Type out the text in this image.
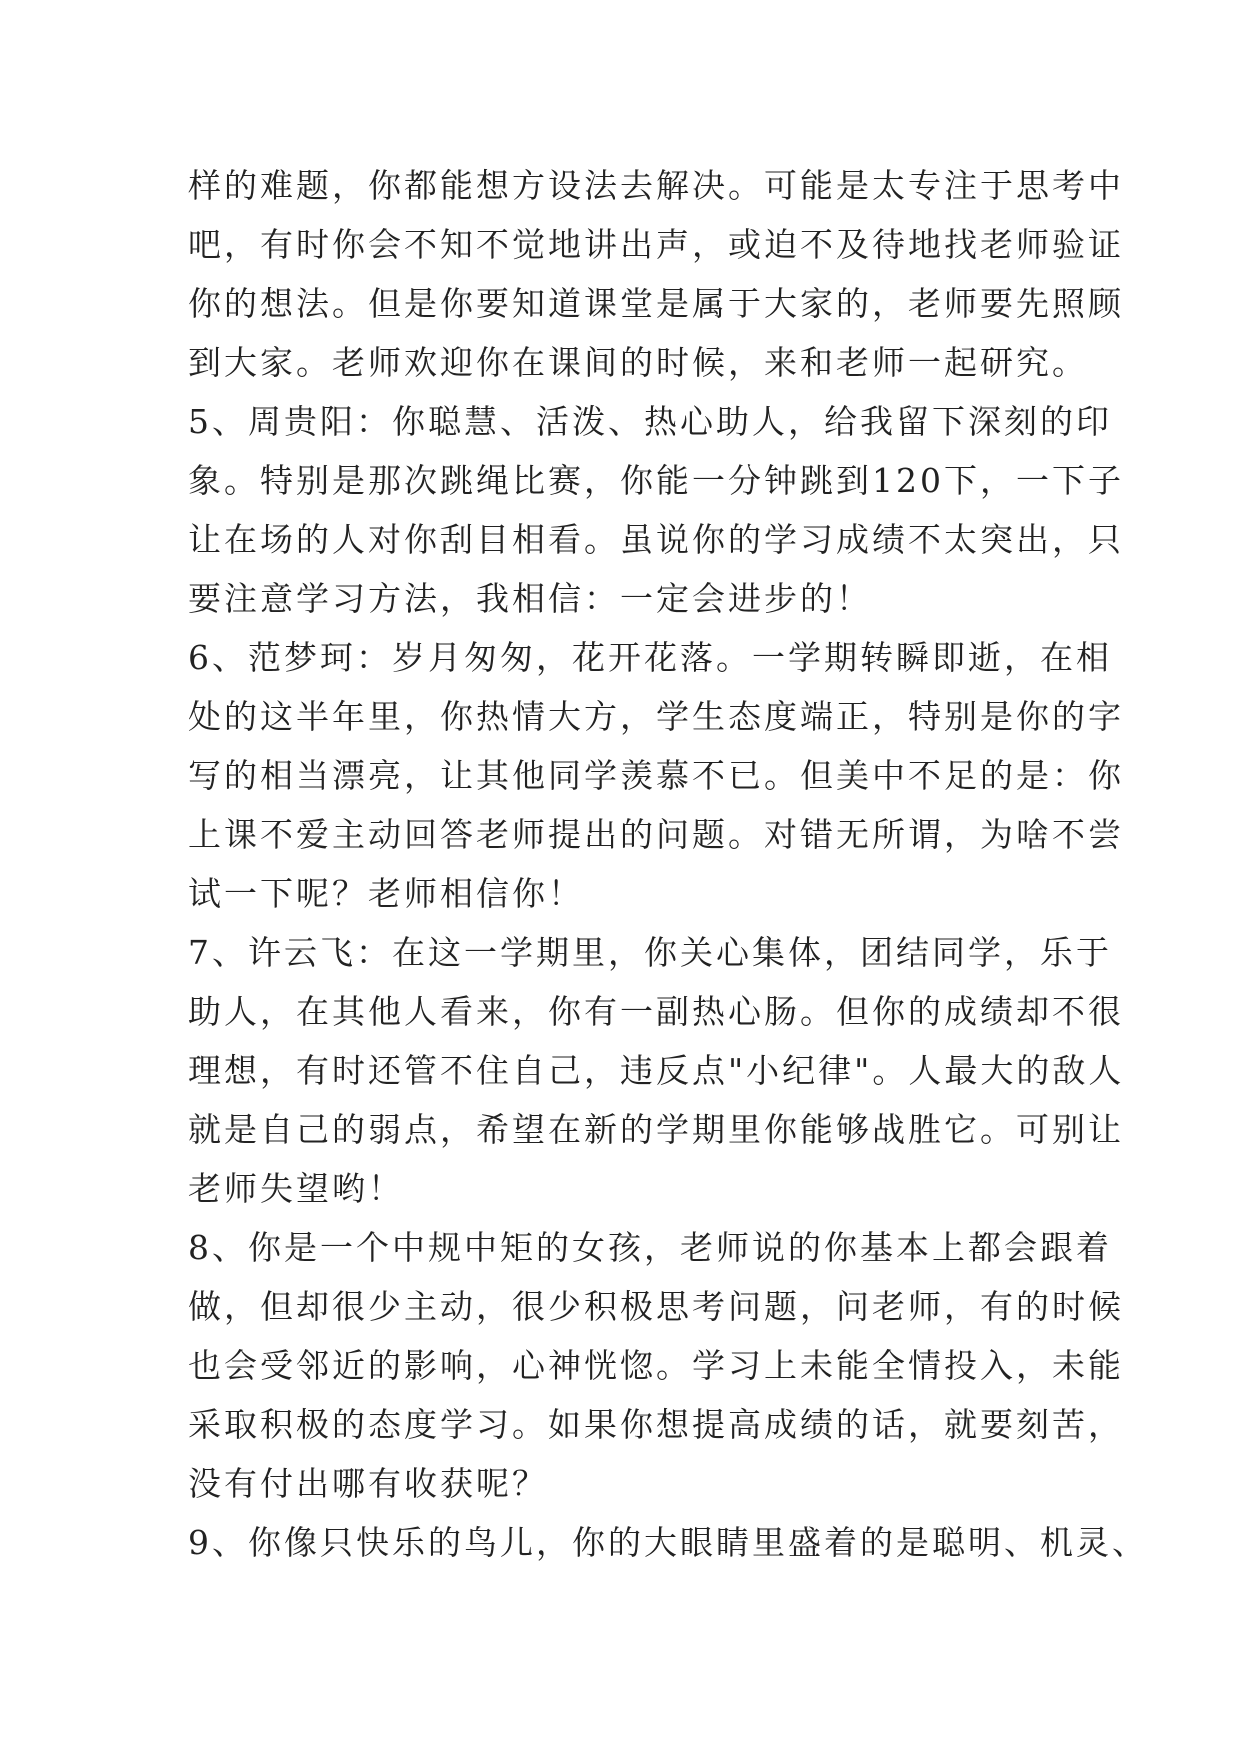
样的难题，你都能想方设法去解决。可能是太专注于思考中
吧，有时你会不知不觉地讲出声，或迫不及待地找老师验证
你的想法。但是你要知道课堂是属于大家的，老师要先照顾
到大家。老师欢迎你在课间的时候，来和老师一起研究。
5、周贵阳：你聪慧、活泼、热心助人，给我留下深刻的印
象。特别是那次跳绳比赛，你能一分钟跳到120下，一下子
让在场的人对你刮目相看。虽说你的学习成绩不太突出，只
要注意学习方法，我相信：一定会进步的！
6、范梦珂：岁月匆匆，花开花落。一学期转瞬即逝，在相
处的这半年里，你热情大方，学生态度端正，特别是你的字
写的相当漂亮，让其他同学羡慕不已。但美中不足的是：你
上课不爱主动回答老师提出的问题。对错无所谓，为啥不尝
试一下呢？老师相信你！
7、许云飞：在这一学期里，你关心集体，团结同学，乐于
助人，在其他人看来，你有一副热心肠。但你的成绩却不很
理想，有时还管不住自己，违反点"小纪律"。人最大的敌人
就是自己的弱点，希望在新的学期里你能够战胜它。可别让
老师失望哟！
8、你是一个中规中矩的女孩，老师说的你基本上都会跟着
做，但却很少主动，很少积极思考问题，问老师，有的时候
也会受邻近的影响，心神恍惚。学习上未能全情投入，未能
采取积极的态度学习。如果你想提高成绩的话，就要刻苦，
没有付出哪有收获呢？
9、你像只快乐的鸟儿，你的大眼睛里盛着的是聪明、机灵、
